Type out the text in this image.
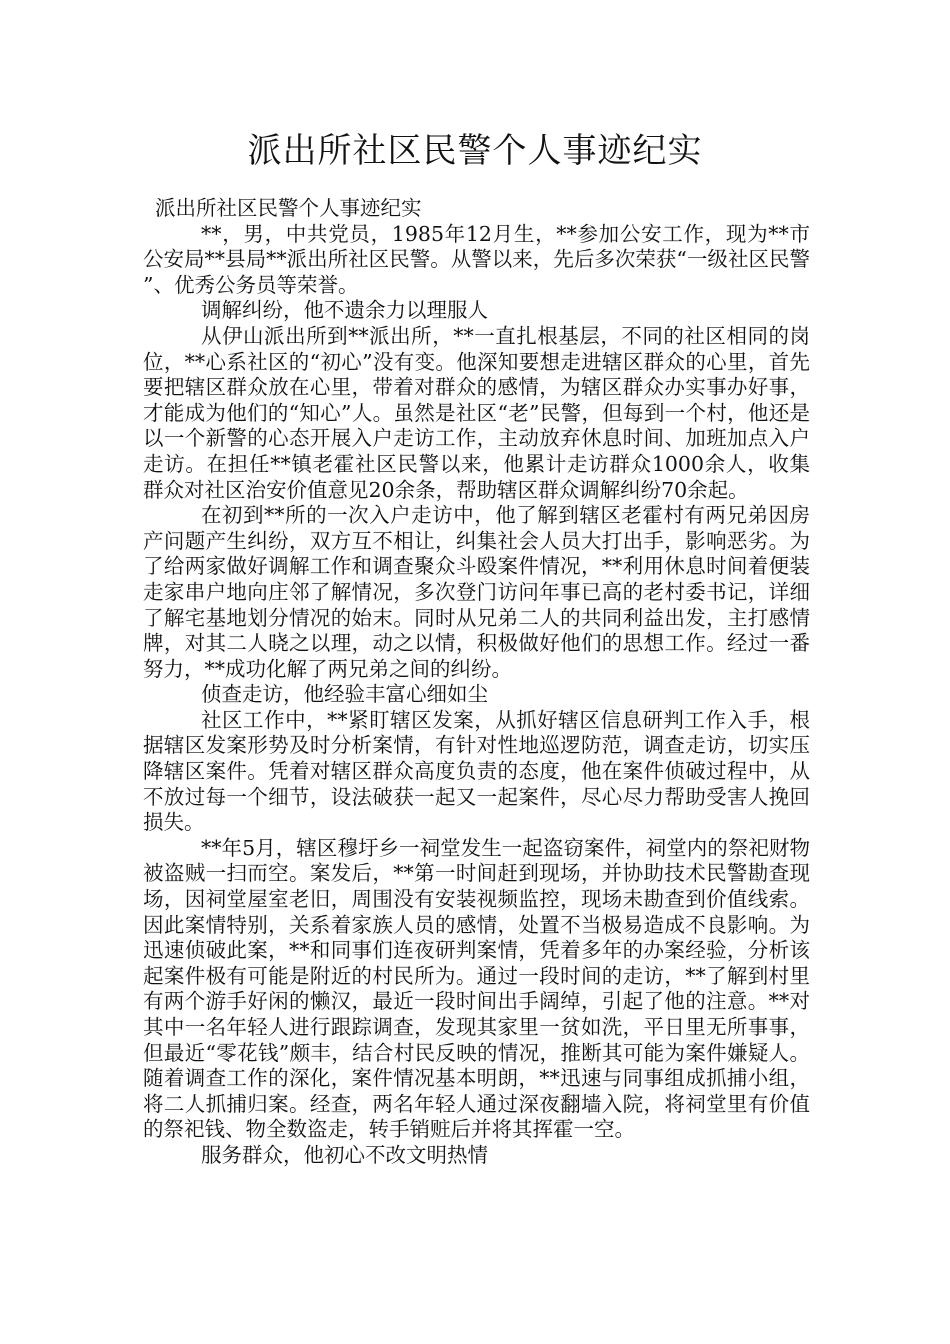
派出所社区民警个人事迹纪实

派出所社区民警个人事迹纪实

**，男，中共党员，1985年12月生，**参加公安工作，现为**市公安局**县局**派出所社区民警。从警以来，先后多次荣获“一级社区民警”、优秀公务员等荣誉。

调解纠纷，他不遗余力以理服人

从伊山派出所到**派出所，**一直扎根基层，不同的社区相同的岗位，**心系社区的“初心”没有变。他深知要想走进辖区群众的心里，首先要把辖区群众放在心里，带着对群众的感情，为辖区群众办实事办好事，才能成为他们的“知心”人。虽然是社区“老”民警，但每到一个村，他还是以一个新警的心态开展入户走访工作，主动放弃休息时间、加班加点入户走访。在担任**镇老霍社区民警以来，他累计走访群众1000余人，收集群众对社区治安价值意见20余条，帮助辖区群众调解纠纷70余起。

在初到**所的一次入户走访中，他了解到辖区老霍村有两兄弟因房产问题产生纠纷，双方互不相让，纠集社会人员大打出手，影响恶劣。为了给两家做好调解工作和调查聚众斗殴案件情况，**利用休息时间着便装走家串户地向庄邻了解情况，多次登门访问年事已高的老村委书记，详细了解宅基地划分情况的始末。同时从兄弟二人的共同利益出发，主打感情牌，对其二人晓之以理，动之以情，积极做好他们的思想工作。经过一番努力，**成功化解了两兄弟之间的纠纷。

侦查走访，他经验丰富心细如尘

社区工作中，**紧盯辖区发案，从抓好辖区信息研判工作入手，根据辖区发案形势及时分析案情，有针对性地巡逻防范，调查走访，切实压降辖区案件。凭着对辖区群众高度负责的态度，他在案件侦破过程中，从不放过每一个细节，设法破获一起又一起案件，尽心尽力帮助受害人挽回损失。

**年5月，辖区穆圩乡一祠堂发生一起盗窃案件，祠堂内的祭祀财物被盗贼一扫而空。案发后，**第一时间赶到现场，并协助技术民警勘查现场，因祠堂屋室老旧，周围没有安装视频监控，现场未勘查到价值线索。因此案情特别，关系着家族人员的感情，处置不当极易造成不良影响。为迅速侦破此案，**和同事们连夜研判案情，凭着多年的办案经验，分析该起案件极有可能是附近的村民所为。通过一段时间的走访，**了解到村里有两个游手好闲的懒汉，最近一段时间出手阔绰，引起了他的注意。**对其中一名年轻人进行跟踪调查，发现其家里一贫如洗，平日里无所事事，但最近“零花钱”颇丰，结合村民反映的情况，推断其可能为案件嫌疑人。随着调查工作的深化，案件情况基本明朗，**迅速与同事组成抓捕小组，将二人抓捕归案。经查，两名年轻人通过深夜翻墙入院，将祠堂里有价值的祭祀钱、物全数盗走，转手销赃后并将其挥霍一空。

服务群众，他初心不改文明热情
